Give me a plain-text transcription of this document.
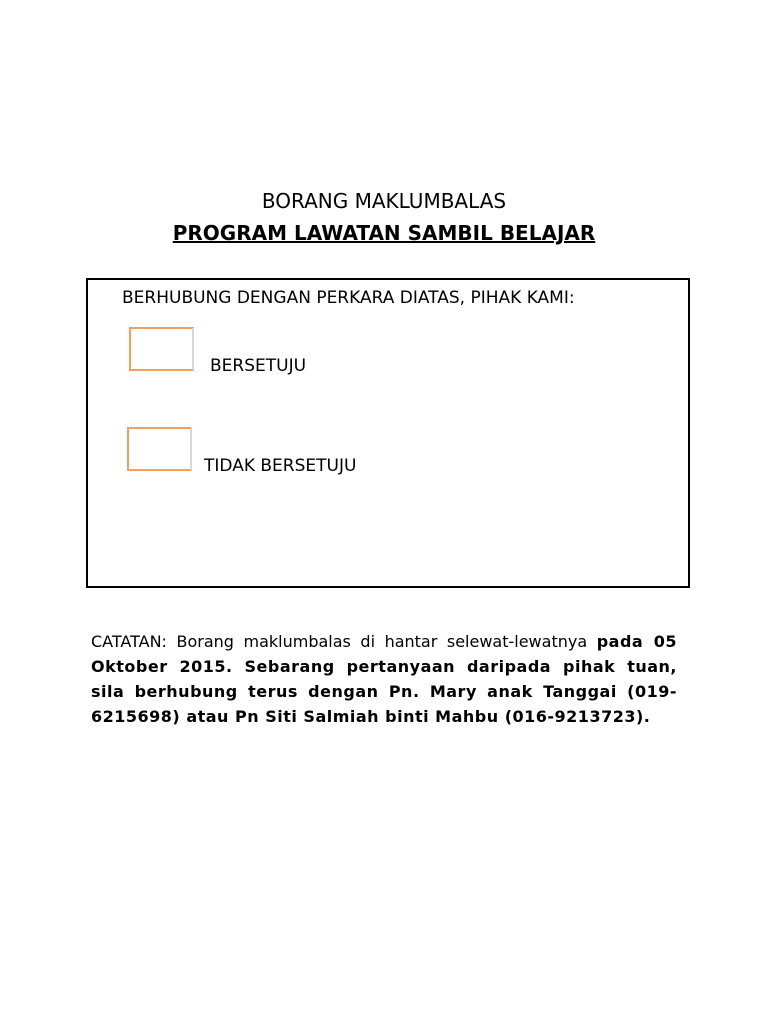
BORANG MAKLUMBALAS
PROGRAM LAWATAN SAMBIL BELAJAR
BERHUBUNG DENGAN PERKARA DIATAS, PIHAK KAMI:
BERSETUJU
TIDAK BERSETUJU
CATATAN: Borang maklumbalas di hantar selewat-lewatnya pada 05 Oktober 2015. Sebarang pertanyaan daripada pihak tuan, sila berhubung terus dengan Pn. Mary anak Tanggai (019-6215698) atau Pn Siti Salmiah binti Mahbu (016-9213723).
